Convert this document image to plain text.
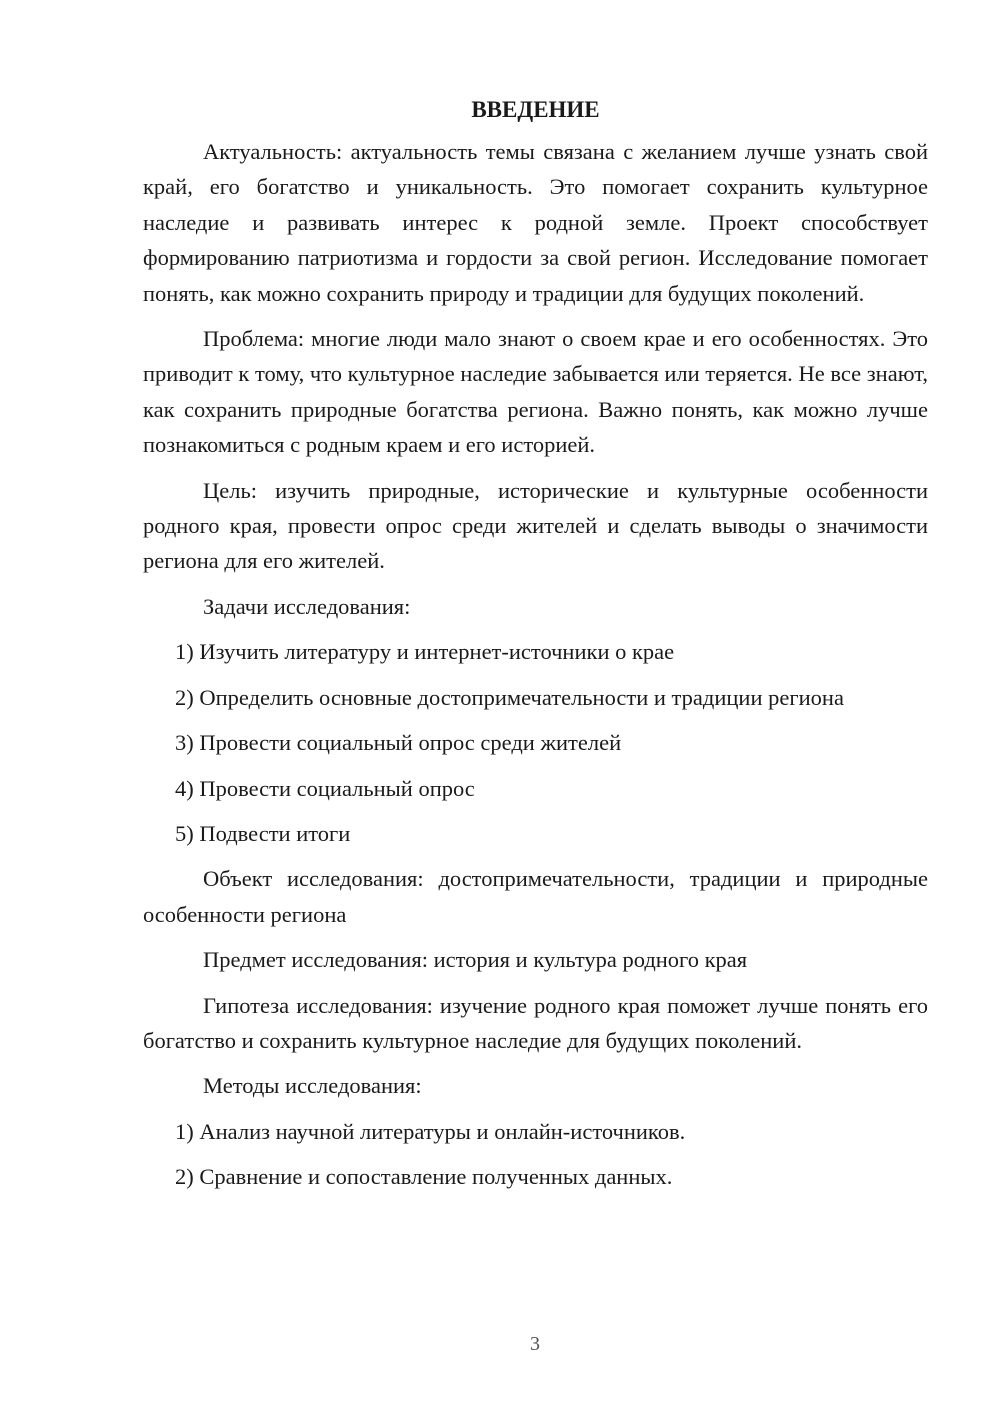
ВВЕДЕНИЕ

Актуальность: актуальность темы связана с желанием лучше узнать свой край, его богатство и уникальность. Это помогает сохранить культурное наследие и развивать интерес к родной земле. Проект способствует формированию патриотизма и гордости за свой регион. Исследование помогает понять, как можно сохранить природу и традиции для будущих поколений.

Проблема: многие люди мало знают о своем крае и его особенностях. Это приводит к тому, что культурное наследие забывается или теряется. Не все знают, как сохранить природные богатства региона. Важно понять, как можно лучше познакомиться с родным краем и его историей.

Цель: изучить природные, исторические и культурные особенности родного края, провести опрос среди жителей и сделать выводы о значимости региона для его жителей.

Задачи исследования:
1) Изучить литературу и интернет-источники о крае
2) Определить основные достопримечательности и традиции региона
3) Провести социальный опрос среди жителей
4) Провести социальный опрос
5) Подвести итоги

Объект исследования: достопримечательности, традиции и природные особенности региона

Предмет исследования: история и культура родного края

Гипотеза исследования: изучение родного края поможет лучше понять его богатство и сохранить культурное наследие для будущих поколений.

Методы исследования:
1) Анализ научной литературы и онлайн-источников.
2) Сравнение и сопоставление полученных данных.
3
